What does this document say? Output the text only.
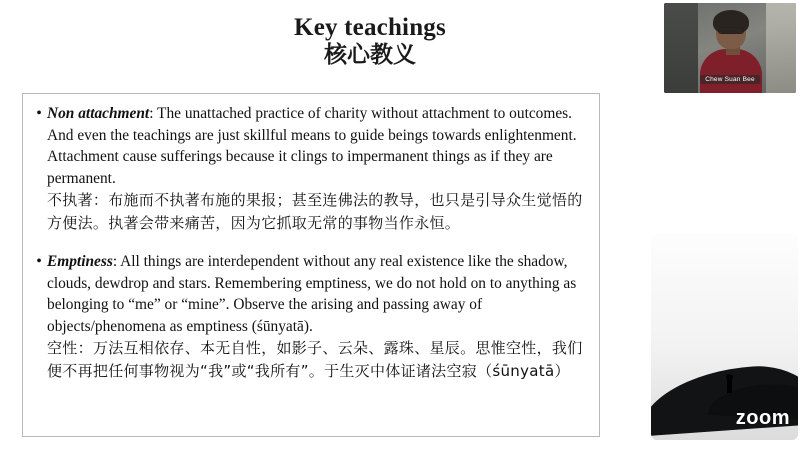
Key teachings
核心教义
• Non attachment: The unattached practice of charity without attachment to outcomes. And even the teachings are just skillful means to guide beings towards enlightenment. Attachment cause sufferings because it clings to impermanent things as if they are permanent.
不执著：布施而不执著布施的果报；甚至连佛法的教导，也只是引导众生觉悟的方便法。执著会带来痛苦，因为它抓取无常的事物当作永恒。
• Emptiness: All things are interdependent without any real existence like the shadow, clouds, dewdrop and stars. Remembering emptiness, we do not hold on to anything as belonging to “me” or “mine”. Observe the arising and passing away of objects/phenomena as emptiness (śūnyatā).
空性：万法互相依存、本无自性，如影子、云朵、露珠、星辰。思惟空性，我们便不再把任何事物视为“我”或“我所有”。于生灭中体证诸法空寂（śūnyatā）
Chew Suan Bee
zoom
